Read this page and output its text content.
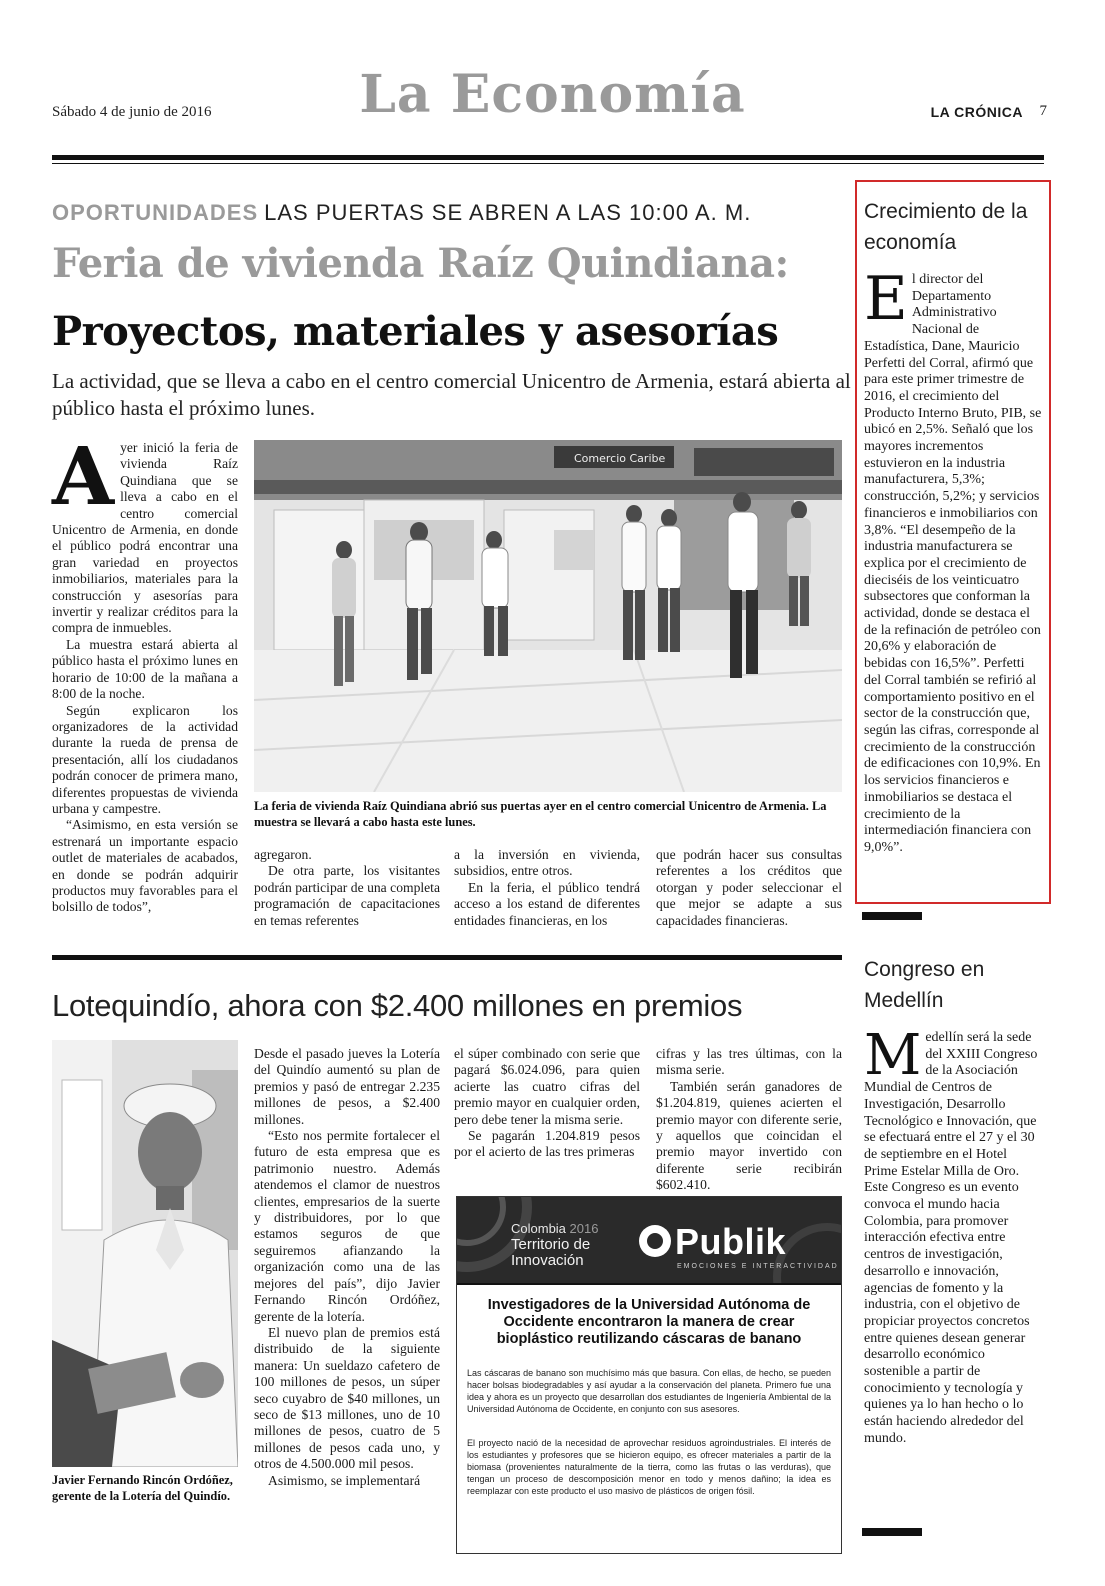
Sábado 4 de junio de 2016	La Economía	LA CRÓNICA 7
OPORTUNIDADES LAS PUERTAS SE ABREN A LAS 10:00 A. M.
Feria de vivienda Raíz Quindiana:
Proyectos, materiales y asesorías
La actividad, que se lleva a cabo en el centro comercial Unicentro de Armenia, estará abierta al público hasta el próximo lunes.

Ayer inició la feria de vivienda Raíz Quindiana que se lleva a cabo en el centro comercial Unicentro de Armenia, en donde el público podrá encontrar una gran variedad en proyectos inmobiliarios, materiales para la construcción y asesorías para invertir y realizar créditos para la compra de inmuebles.

La muestra estará abierta al público hasta el próximo lunes en horario de 10:00 de la mañana a 8:00 de la noche.

Según explicaron los organizadores de la actividad durante la rueda de prensa de presentación, allí los ciudadanos podrán conocer de primera mano, diferentes propuestas de vivienda urbana y campestre.

“Asimismo, en esta versión se estrenará un importante espacio outlet de materiales de acabados, en donde se podrán adquirir productos muy favorables para el bolsillo de todos”,

Comercio Caribe
La feria de vivienda Raíz Quindiana abrió sus puertas ayer en el centro comercial Unicentro de Armenia. La muestra se llevará a cabo hasta este lunes.

agregaron.

De otra parte, los visitantes podrán participar de una completa programación de capacitaciones en temas referentes

a la inversión en vivienda, subsidios, entre otros.

En la feria, el público tendrá acceso a los estand de diferentes entidades financieras, en los

que podrán hacer sus consultas referentes a los créditos que otorgan y poder seleccionar el que mejor se adapte a sus capacidades financieras.

Lotequindío, ahora con $2.400 millones en premios
Javier Fernando Rincón Ordóñez, gerente de la Lotería del Quindío.

Desde el pasado jueves la Lotería del Quindío aumentó su plan de premios y pasó de entregar 2.235 millones de pesos, a $2.400 millones.

“Esto nos permite fortalecer el futuro de esta empresa que es patrimonio nuestro. Además atendemos el clamor de nuestros clientes, empresarios de la suerte y distribuidores, por lo que estamos seguros de que seguiremos afianzando la organización como una de las mejores del país”, dijo Javier Fernando Rincón Ordóñez, gerente de la lotería.

El nuevo plan de premios está distribuido de la siguiente manera: Un sueldazo cafetero de 100 millones de pesos, un súper seco cuyabro de $40 millones, un seco de $13 millones, uno de 10 millones de pesos, cuatro de 5 millones de pesos cada uno, y otros de 4.500.000 mil pesos.

Asimismo, se implementará

el súper combinado con serie que pagará $6.024.096, para quien acierte las cuatro cifras del premio mayor en cualquier orden, pero debe tener la misma serie.

Se pagarán 1.204.819 pesos por el acierto de las tres primeras

cifras y las tres últimas, con la misma serie.

También serán ganadores de $1.204.819, quienes acierten el premio mayor con diferente serie, y aquellos que coincidan el premio mayor invertido con diferente serie recibirán $602.410.

Colombia 2016
Territorio de
Innovación	Publik
EMOCIONES E INTERACTIVIDAD
Investigadores de la Universidad Autónoma de Occidente encontraron la manera de crear bioplástico reutilizando cáscaras de banano
Las cáscaras de banano son muchísimo más que basura. Con ellas, de hecho, se pueden hacer bolsas biodegradables y así ayudar a la conservación del planeta. Primero fue una idea y ahora es un proyecto que desarrollan dos estudiantes de Ingeniería Ambiental de la Universidad Autónoma de Occidente, en conjunto con sus asesores.
El proyecto nació de la necesidad de aprovechar residuos agroindustriales. El interés de los estudiantes y profesores que se hicieron equipo, es ofrecer materiales a partir de la biomasa (provenientes naturalmente de la tierra, como las frutas o las verduras), que tengan un proceso de descomposición menor en todo y menos dañino; la idea es reemplazar con este producto el uso masivo de plásticos de origen fósil.
Crecimiento de la economía
El director del Departamento Administrativo Nacional de Estadística, Dane, Mauricio Perfetti del Corral, afirmó que para este primer trimestre de 2016, el crecimiento del Producto Interno Bruto, PIB, se ubicó en 2,5%. Señaló que los mayores incrementos estuvieron en la industria manufacturera, 5,3%; construcción, 5,2%; y servicios financieros e inmobiliarios con 3,8%. “El desempeño de la industria manufacturera se explica por el crecimiento de dieciséis de los veinticuatro subsectores que conforman la actividad, donde se destaca el de la refinación de petróleo con 20,6% y elaboración de bebidas con 16,5%”. Perfetti del Corral también se refirió al comportamiento positivo en el sector de la construcción que, según las cifras, corresponde al crecimiento de la construcción de edificaciones con 10,9%. En los servicios financieros e inmobiliarios se destaca el crecimiento de la intermediación financiera con 9,0%”.
Congreso en Medellín
Medellín será la sede del XXIII Congreso de la Asociación Mundial de Centros de Investigación, Desarrollo Tecnológico e Innovación, que se efectuará entre el 27 y el 30 de septiembre en el Hotel Prime Estelar Milla de Oro. Este Congreso es un evento convoca el mundo hacia Colombia, para promover interacción efectiva entre centros de investigación, desarrollo e innovación, agencias de fomento y la industria, con el objetivo de propiciar proyectos concretos entre quienes desean generar desarrollo económico sostenible a partir de conocimiento y tecnología y quienes ya lo han hecho o lo están haciendo alrededor del mundo.
